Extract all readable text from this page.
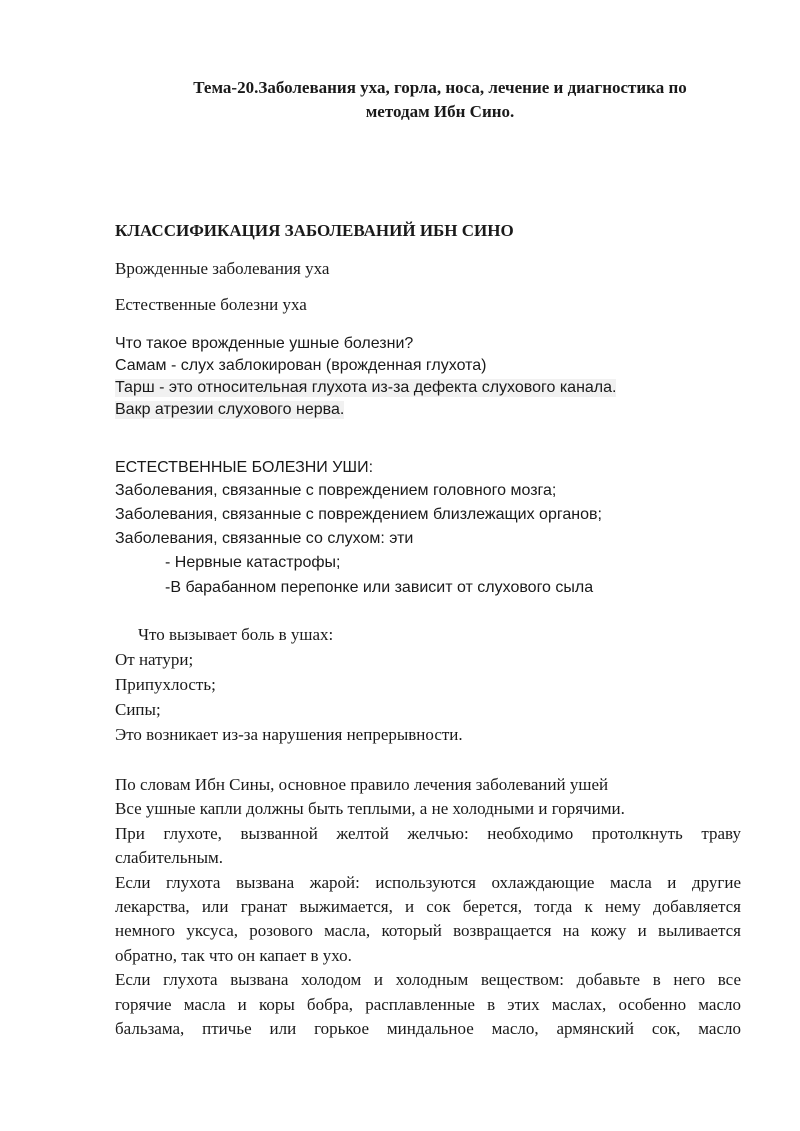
Тема-20.Заболевания уха, горла, носа, лечение и диагностика по
методам Ибн Сино.
КЛАССИФИКАЦИЯ ЗАБОЛЕВАНИЙ ИБН СИНО
Врожденные заболевания уха
Естественные болезни уха
Что такое врожденные ушные болезни?
Самам - слух заблокирован (врожденная глухота)
Тарш - это относительная глухота из-за дефекта слухового канала.
Вакр атрезии слухового нерва.
ЕСТЕСТВЕННЫЕ БОЛЕЗНИ УШИ:
Заболевания, связанные с повреждением головного мозга;
Заболевания, связанные с повреждением близлежащих органов;
Заболевания, связанные со слухом: эти
- Нервные катастрофы;
-В барабанном перепонке или зависит от слухового сыла
Что вызывает боль в ушах:
От натури;
Припухлость;
Сипы;
Это возникает из-за нарушения непрерывности.
По словам Ибн Сины, основное правило лечения заболеваний ушей
Все ушные капли должны быть теплыми, а не холодными и горячими.
При глухоте, вызванной желтой желчью: необходимо протолкнуть траву
слабительным.
Если глухота вызвана жарой: используются охлаждающие масла и другие
лекарства, или гранат выжимается, и сок берется, тогда к нему добавляется
немного уксуса, розового масла, который возвращается на кожу и выливается
обратно, так что он капает в ухо.
Если глухота вызвана холодом и холодным веществом: добавьте в него все
горячие масла и коры бобра, расплавленные в этих маслах, особенно масло
бальзама, птичье или горькое миндальное масло, армянский сок, масло
